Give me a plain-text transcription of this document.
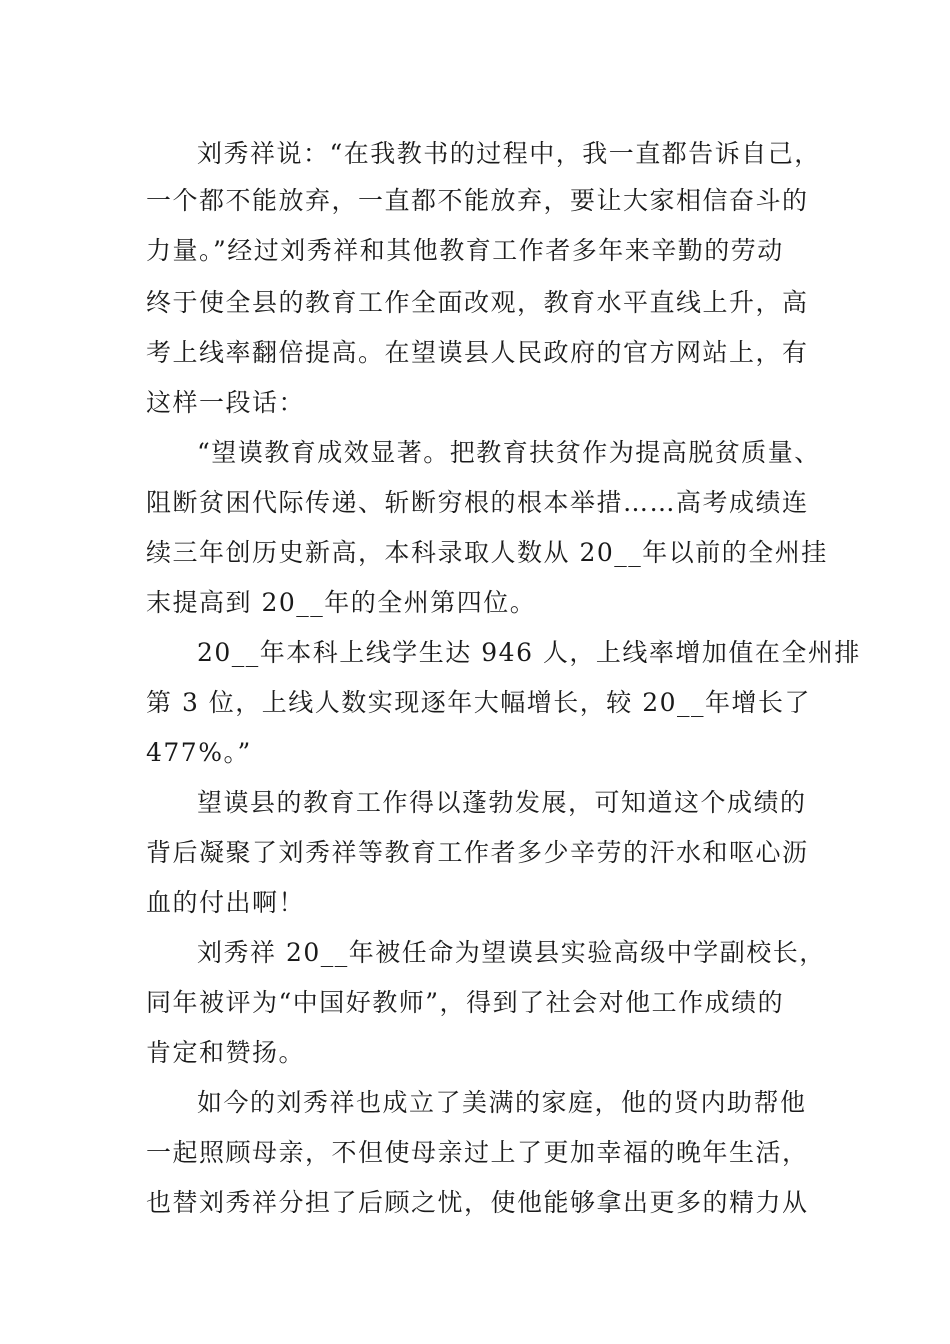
刘秀祥说：“在我教书的过程中，我一直都告诉自己，

一个都不能放弃，一直都不能放弃，要让大家相信奋斗的

力量。”经过刘秀祥和其他教育工作者多年来辛勤的劳动

终于使全县的教育工作全面改观，教育水平直线上升，高

考上线率翻倍提高。在望谟县人民政府的官方网站上，有

这样一段话：

“望谟教育成效显著。把教育扶贫作为提高脱贫质量、

阻断贫困代际传递、斩断穷根的根本举措……高考成绩连

续三年创历史新高，本科录取人数从 20__年以前的全州挂

末提高到 20__年的全州第四位。

20__年本科上线学生达 946 人，上线率增加值在全州排

第 3 位，上线人数实现逐年大幅增长，较 20__年增长了

477%。”

望谟县的教育工作得以蓬勃发展，可知道这个成绩的

背后凝聚了刘秀祥等教育工作者多少辛劳的汗水和呕心沥

血的付出啊！

刘秀祥 20__年被任命为望谟县实验高级中学副校长，

同年被评为“中国好教师”，得到了社会对他工作成绩的

肯定和赞扬。

如今的刘秀祥也成立了美满的家庭，他的贤内助帮他

一起照顾母亲，不但使母亲过上了更加幸福的晚年生活，

也替刘秀祥分担了后顾之忧，使他能够拿出更多的精力从
